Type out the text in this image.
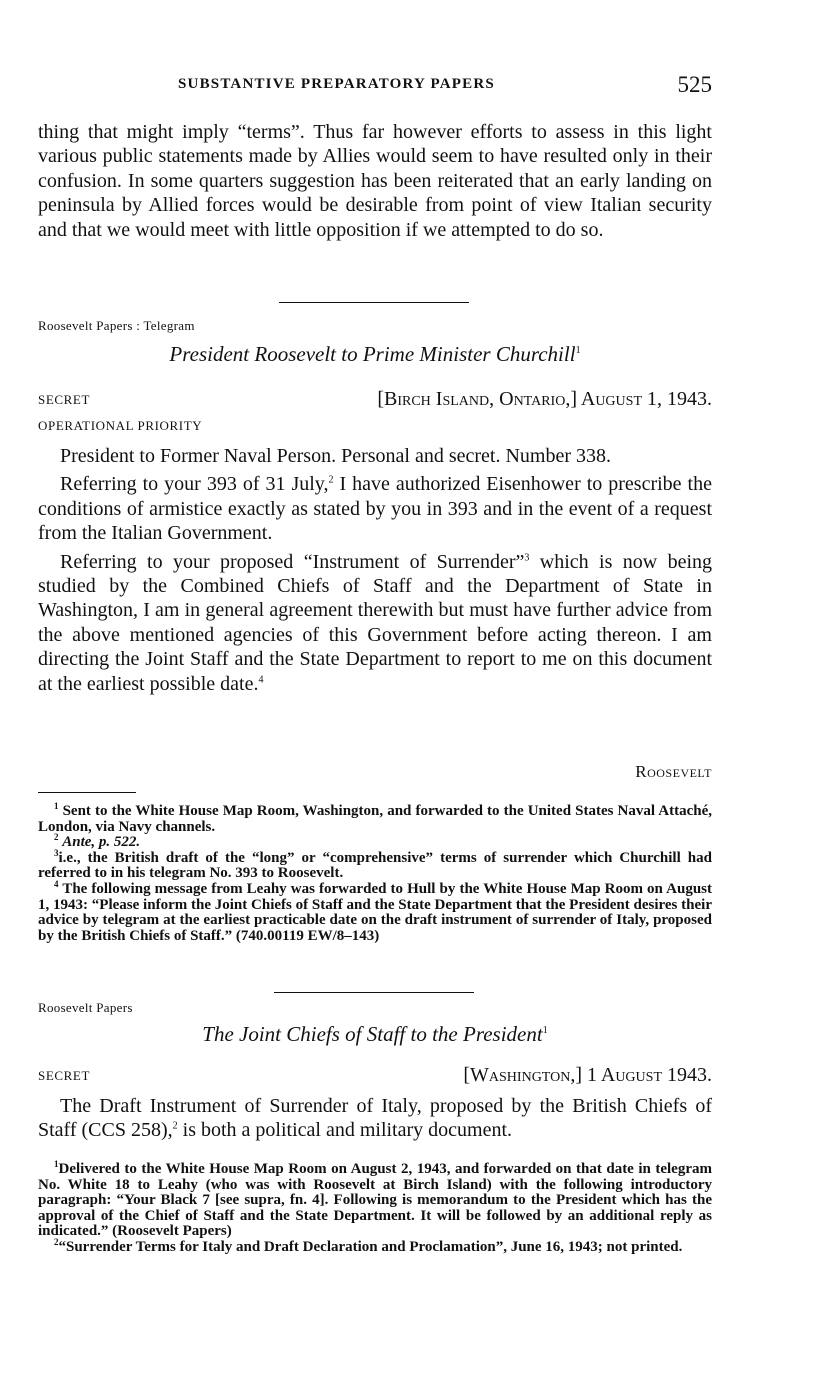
SUBSTANTIVE PREPARATORY PAPERS	525

thing that might imply “terms”. Thus far however efforts to assess in this light various public statements made by Allies would seem to have resulted only in their confusion. In some quarters suggestion has been reiterated that an early landing on peninsula by Allied forces would be desirable from point of view Italian security and that we would meet with little opposition if we attempted to do so.

Roosevelt Papers : Telegram
President Roosevelt to Prime Minister Churchill$^1$
SECRET	[Birch Island, Ontario,] August 1, 1943.
OPERATIONAL PRIORITY

President to Former Naval Person. Personal and secret. Number 338.

Referring to your 393 of 31 July,$^2$ I have authorized Eisenhower to prescribe the conditions of armistice exactly as stated by you in 393 and in the event of a request from the Italian Government.

Referring to your proposed “Instrument of Surrender”$^3$ which is now being studied by the Combined Chiefs of Staff and the Department of State in Washington, I am in general agreement therewith but must have further advice from the above mentioned agencies of this Government before acting thereon. I am directing the Joint Staff and the State Department to report to me on this document at the earliest possible date.$^4$

Roosevelt

$^1$ Sent to the White House Map Room, Washington, and forwarded to the United States Naval Attaché, London, via Navy channels.

$^2$ Ante, p. 522.

$^3$i.e., the British draft of the “long” or “comprehensive” terms of surrender which Churchill had referred to in his telegram No. 393 to Roosevelt.

$^4$ The following message from Leahy was forwarded to Hull by the White House Map Room on August 1, 1943: “Please inform the Joint Chiefs of Staff and the State Department that the President desires their advice by telegram at the earliest practicable date on the draft instrument of surrender of Italy, proposed by the British Chiefs of Staff.” (740.00119 EW/8–143)

Roosevelt Papers
The Joint Chiefs of Staff to the President$^1$
SECRET	[Washington,] 1 August 1943.

The Draft Instrument of Surrender of Italy, proposed by the British Chiefs of Staff (CCS 258),$^2$ is both a political and military document.

$^1$Delivered to the White House Map Room on August 2, 1943, and forwarded on that date in telegram No. White 18 to Leahy (who was with Roosevelt at Birch Island) with the following introductory paragraph: “Your Black 7 [see supra, fn. 4]. Following is memorandum to the President which has the approval of the Chief of Staff and the State Department. It will be followed by an additional reply as indicated.” (Roosevelt Papers)

$^2$“Surrender Terms for Italy and Draft Declaration and Proclamation”, June 16, 1943; not printed.
